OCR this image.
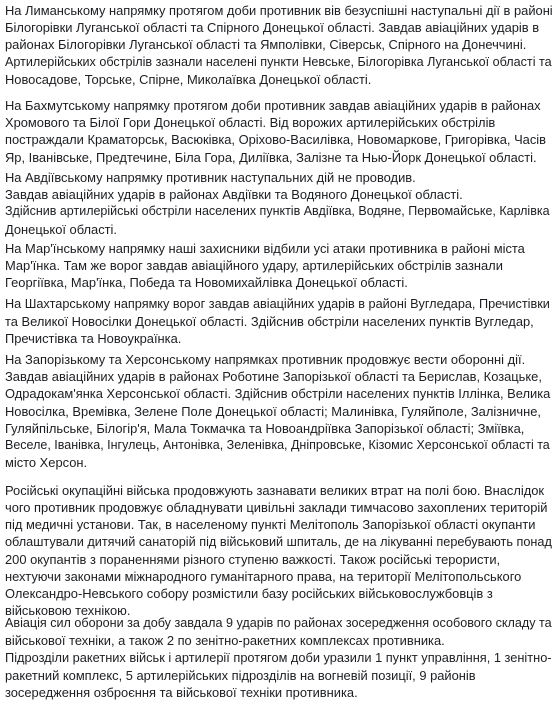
На Лиманському напрямку протягом доби противник вів безуспішні наступальні дії в районі
Білогорівки Луганської області та Спірного Донецької області. Завдав авіаційних ударів в
районах Білогорівки Луганської області та Ямполівки, Сіверськ, Спірного на Донеччині.
Артилерійських обстрілів зазнали населені пункти Невське, Білогорівка Луганської області та
Новосадове, Торське, Спірне, Миколаївка Донецької області.

На Бахмутському напрямку протягом доби противник завдав авіаційних ударів в районах
Хромового та Білої Гори Донецької області. Від ворожих артилерійських обстрілів
постраждали Краматорськ, Васюківка, Оріхово-Василівка, Новомаркове, Григорівка, Часів
Яр, Іванівське, Предтечине, Біла Гора, Диліївка, Залізне та Нью-Йорк Донецької області.

На Авдіївському напрямку противник наступальних дій не проводив.
Завдав авіаційних ударів в районах Авдіївки та Водяного Донецької області.
Здійснив артилерійські обстріли населених пунктів Авдіївка, Водяне, Первомайське, Карлівка
Донецької області.

На Мар'їнському напрямку наші захисники відбили усі атаки противника в районі міста
Мар'їнка. Там же ворог завдав авіаційного удару, артилерійських обстрілів зазнали
Георгіївка, Мар'їнка, Победа та Новомихайлівка Донецької області.

На Шахтарському напрямку ворог завдав авіаційних ударів в районі Вугледара, Пречистівки
та Великої Новосілки Донецької області. Здійснив обстріли населених пунктів Вугледар,
Пречистівка та Новоукраїнка.

На Запорізькому та Херсонському напрямках противник продовжує вести оборонні дії.
Завдав авіаційних ударів в районах Роботине Запорізької області та Берислав, Козацьке,
Одрадокам'янка Херсонської області. Здійснив обстріли населених пунктів Іллінка, Велика
Новосілка, Времівка, Зелене Поле Донецької області; Малинівка, Гуляйполе, Залізничне,
Гуляйпільське, Білогір'я, Мала Токмачка та Новоандріївка Запорізької області; Зміївка,
Веселе, Іванівка, Інгулець, Антонівка, Зеленівка, Дніпровське, Кізомис Херсонської області та
місто Херсон.

Російські окупаційні війська продовжують зазнавати великих втрат на полі бою. Внаслідок
чого противник продовжує обладнувати цивільні заклади тимчасово захоплених територій
під медичні установи. Так, в населеному пункті Мелітополь Запорізької області окупанти
облаштували дитячий санаторій під військовий шпиталь, де на лікуванні перебувають понад
200 окупантів з пораненнями різного ступеню важкості. Також російські терористи,
нехтуючи законами міжнародного гуманітарного права, на території Мелітопольського
Олександро-Невського собору розмістили базу російських військовослужбовців з
військовою технікою.

Авіація сил оборони за добу завдала 9 ударів по районах зосередження особового складу та
військової техніки, а також 2 по зенітно-ракетних комплексах противника.
Підрозділи ракетних військ і артилерії протягом доби уразили 1 пункт управління, 1 зенітно-
ракетний комплекс, 5 артилерійських підрозділів на вогневій позиції, 9 районів
зосередження озброєння та військової техніки противника.
